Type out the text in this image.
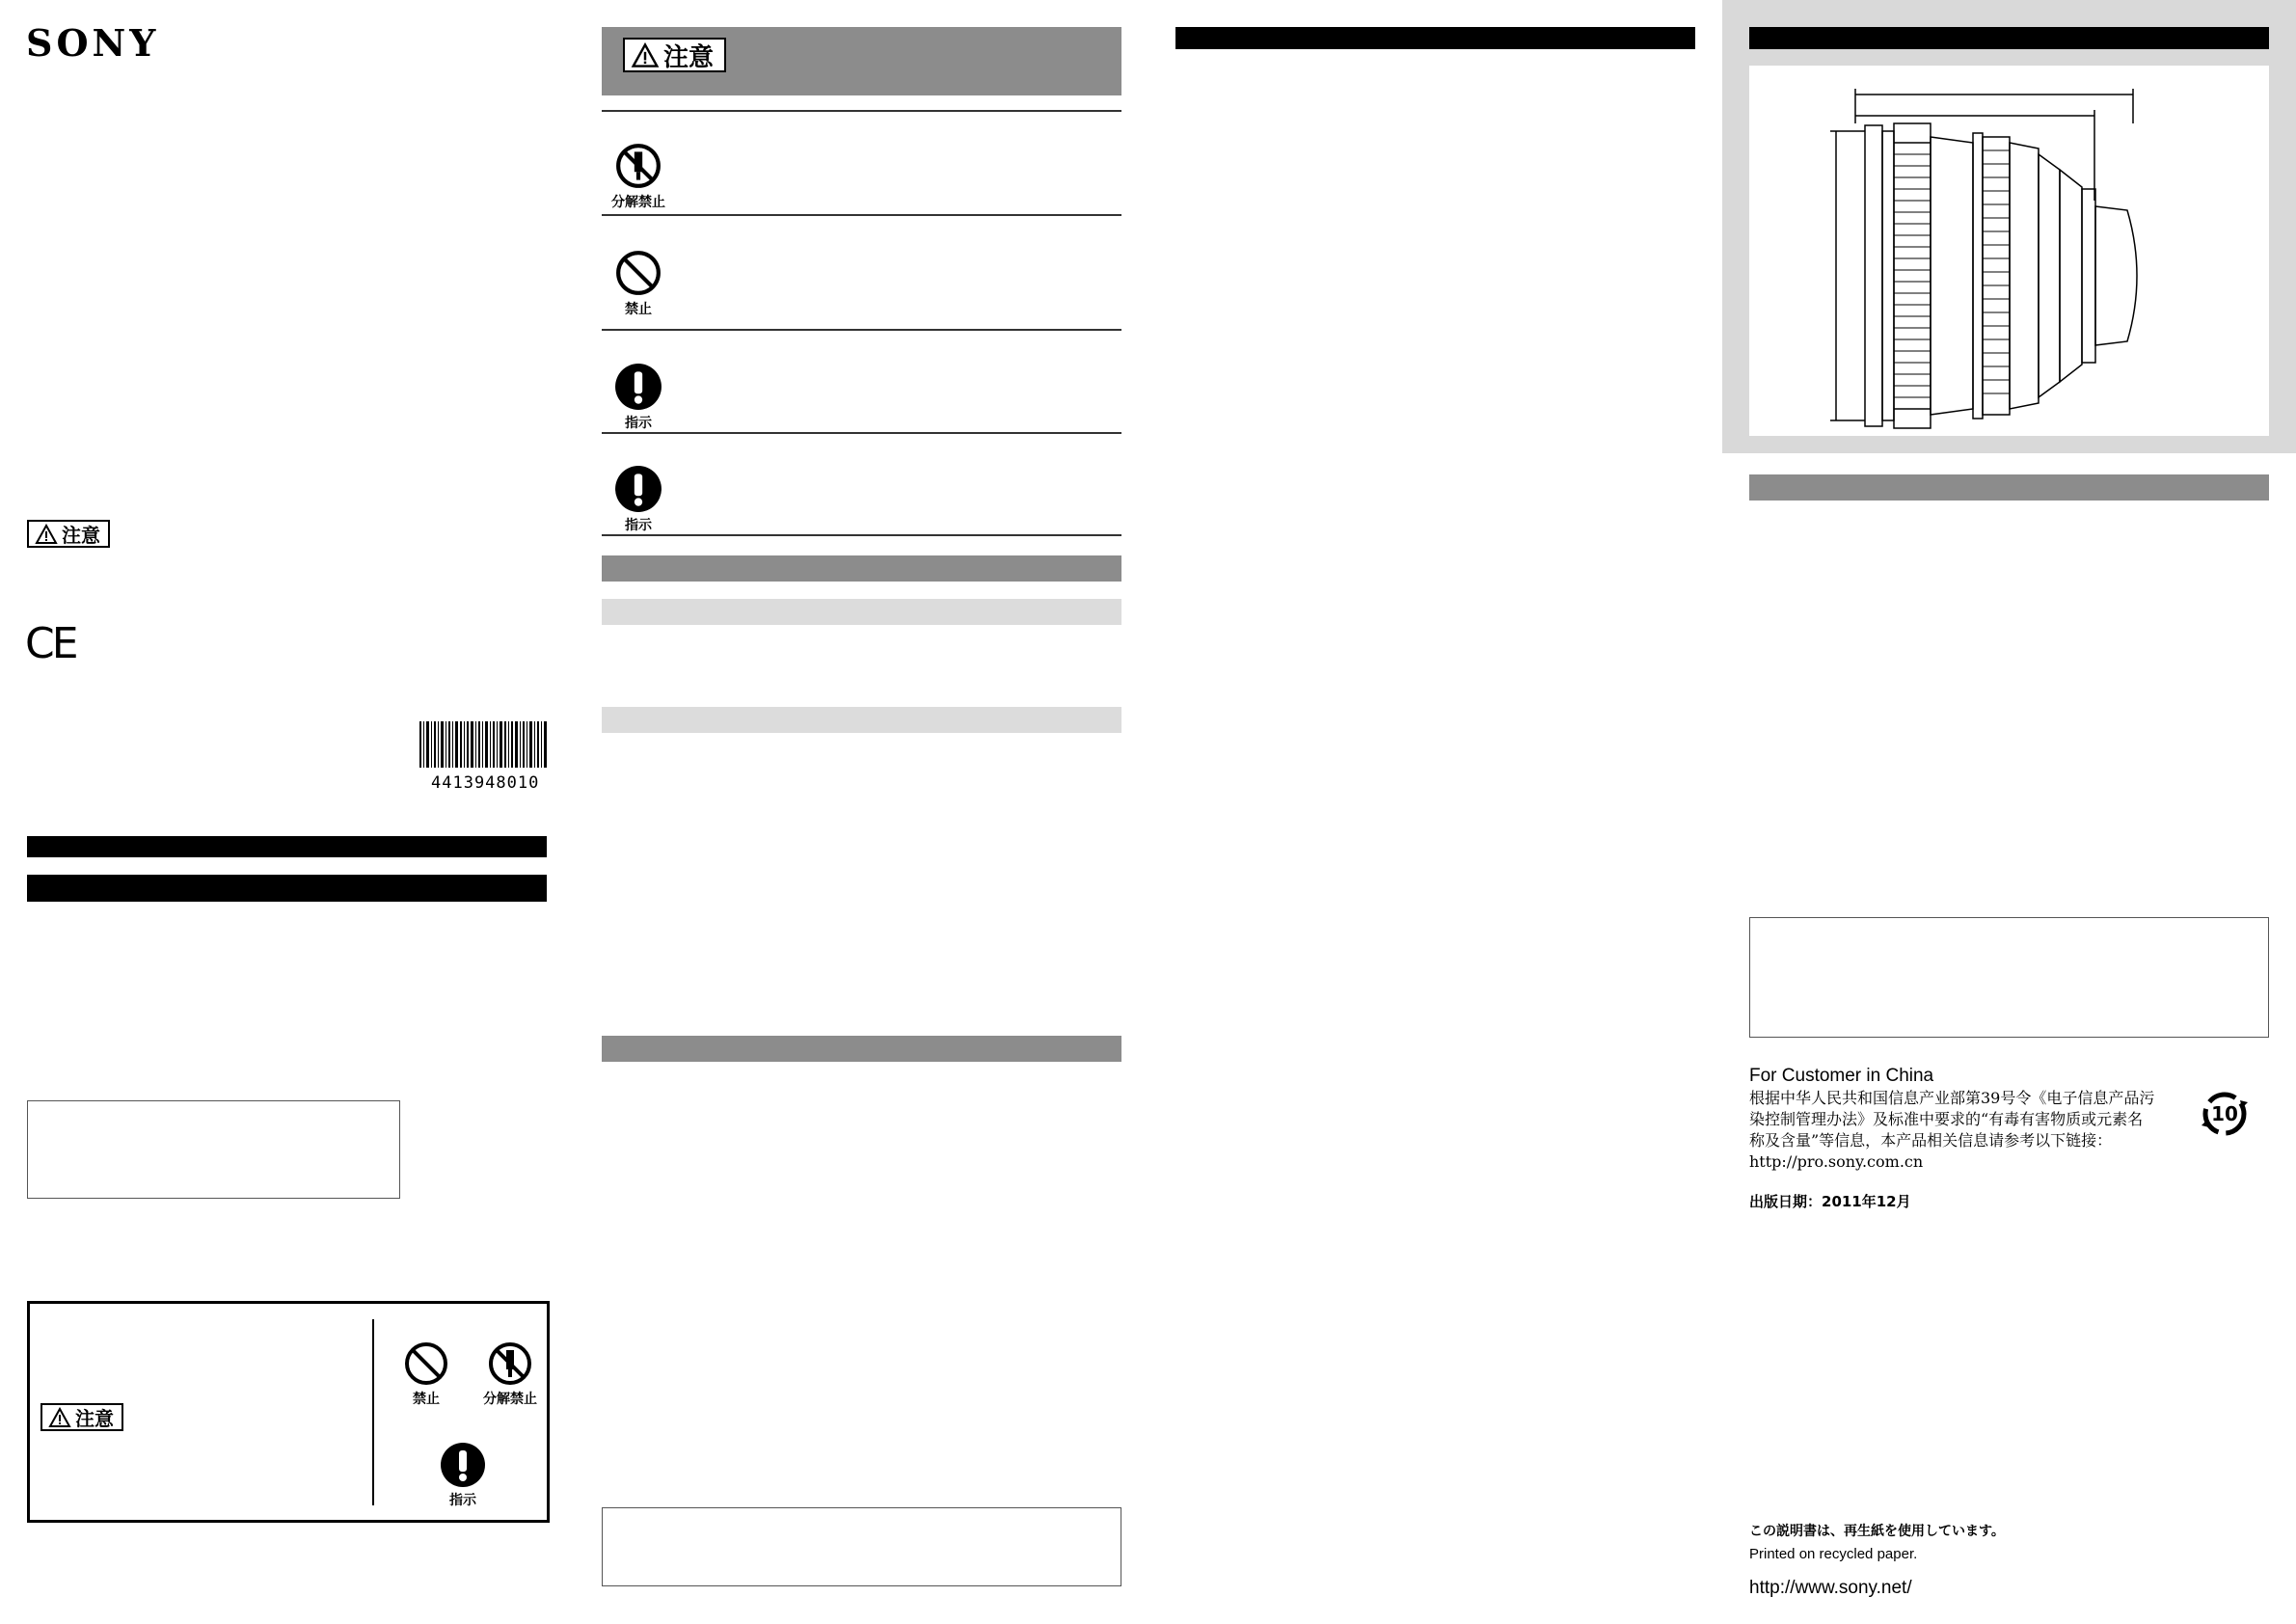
SONY
注意
CE
4413948010
注意
禁止	分解禁止
指示
注意
分解禁止
禁止
指示
指示
For Customer in China
根据中华人民共和国信息产业部第39号令《电子信息产品污
染控制管理办法》及标准中要求的“有毒有害物质或元素名
称及含量”等信息，本产品相关信息请参考以下链接：
http://pro.sony.com.cn
10
出版日期：2011年12月
この説明書は、再生紙を使用しています。
Printed on recycled paper.
http://www.sony.net/
